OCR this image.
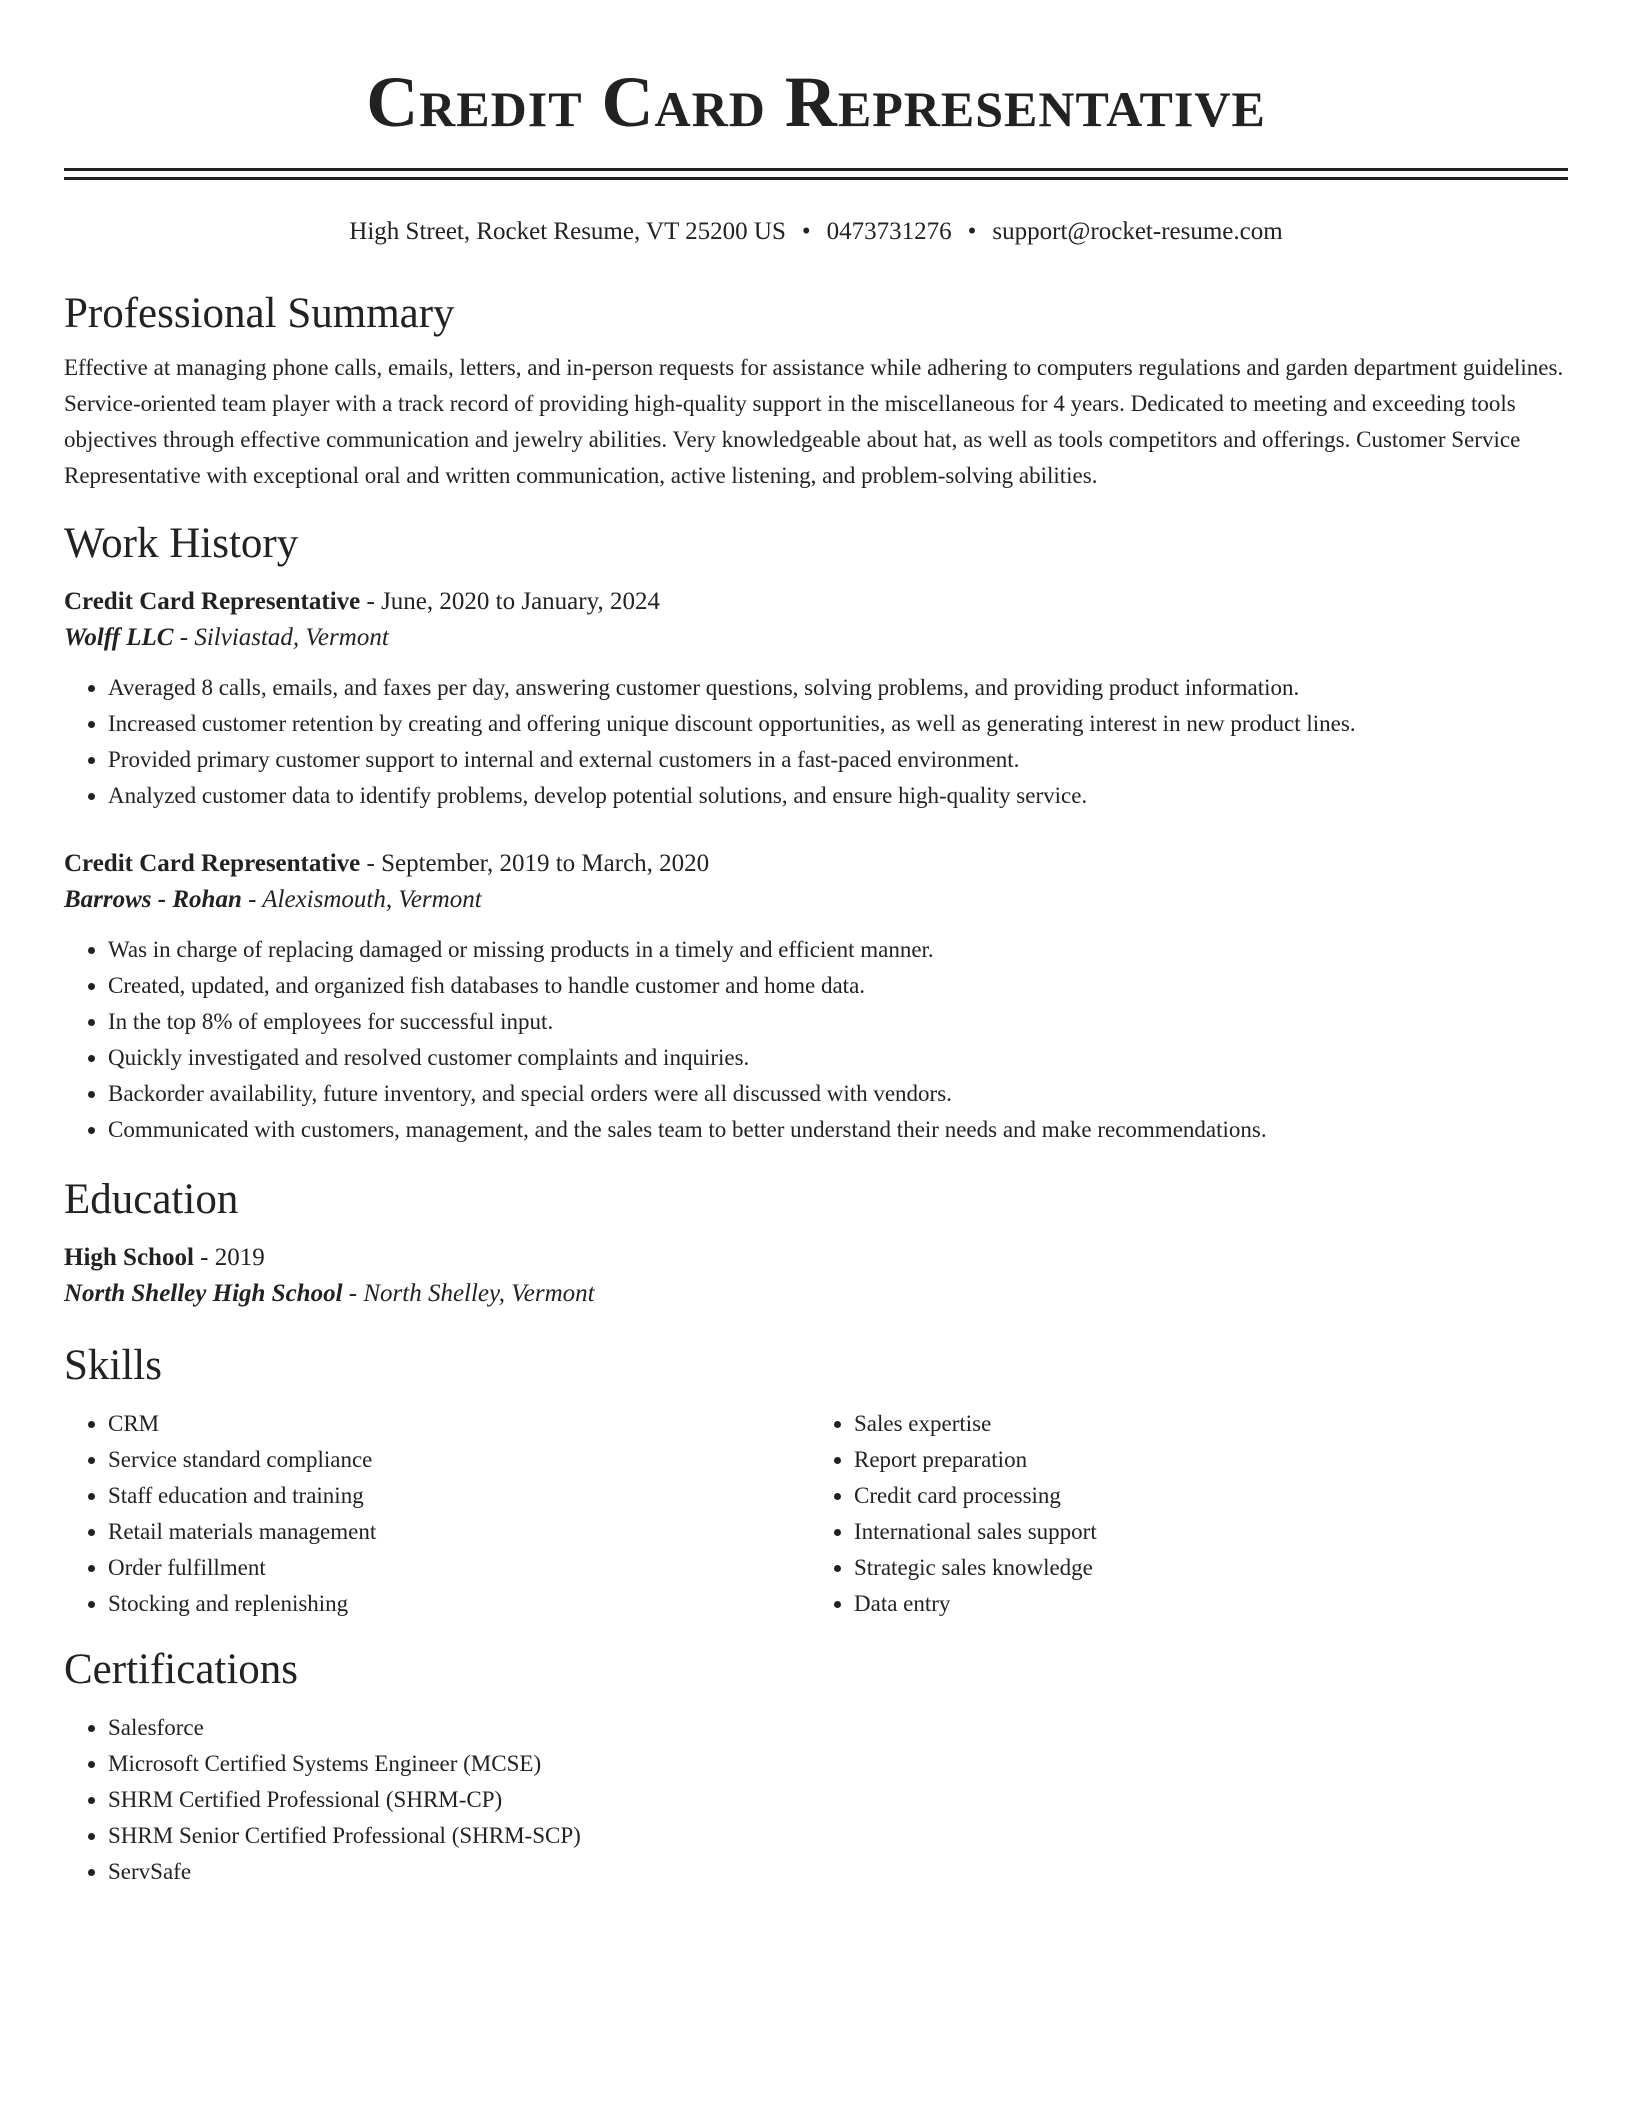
Credit Card Representative
High Street, Rocket Resume, VT 25200 US • 0473731276 • support@rocket-resume.com
Professional Summary

Effective at managing phone calls, emails, letters, and in-person requests for assistance while adhering to computers regulations and garden department guidelines. Service-oriented team player with a track record of providing high-quality support in the miscellaneous for 4 years. Dedicated to meeting and exceeding tools objectives through effective communication and jewelry abilities. Very knowledgeable about hat, as well as tools competitors and offerings. Customer Service Representative with exceptional oral and written communication, active listening, and problem-solving abilities.

Work History
Credit Card Representative - June, 2020 to January, 2024
Wolff LLC - Silviastad, Vermont
• Averaged 8 calls, emails, and faxes per day, answering customer questions, solving problems, and providing product information.
• Increased customer retention by creating and offering unique discount opportunities, as well as generating interest in new product lines.
• Provided primary customer support to internal and external customers in a fast-paced environment.
• Analyzed customer data to identify problems, develop potential solutions, and ensure high-quality service.
Credit Card Representative - September, 2019 to March, 2020
Barrows - Rohan - Alexismouth, Vermont
• Was in charge of replacing damaged or missing products in a timely and efficient manner.
• Created, updated, and organized fish databases to handle customer and home data.
• In the top 8% of employees for successful input.
• Quickly investigated and resolved customer complaints and inquiries.
• Backorder availability, future inventory, and special orders were all discussed with vendors.
• Communicated with customers, management, and the sales team to better understand their needs and make recommendations.
Education
High School - 2019
North Shelley High School - North Shelley, Vermont
Skills
• CRM
• Service standard compliance
• Staff education and training
• Retail materials management
• Order fulfillment
• Stocking and replenishing
• Sales expertise
• Report preparation
• Credit card processing
• International sales support
• Strategic sales knowledge
• Data entry
Certifications
• Salesforce
• Microsoft Certified Systems Engineer (MCSE)
• SHRM Certified Professional (SHRM-CP)
• SHRM Senior Certified Professional (SHRM-SCP)
• ServSafe
